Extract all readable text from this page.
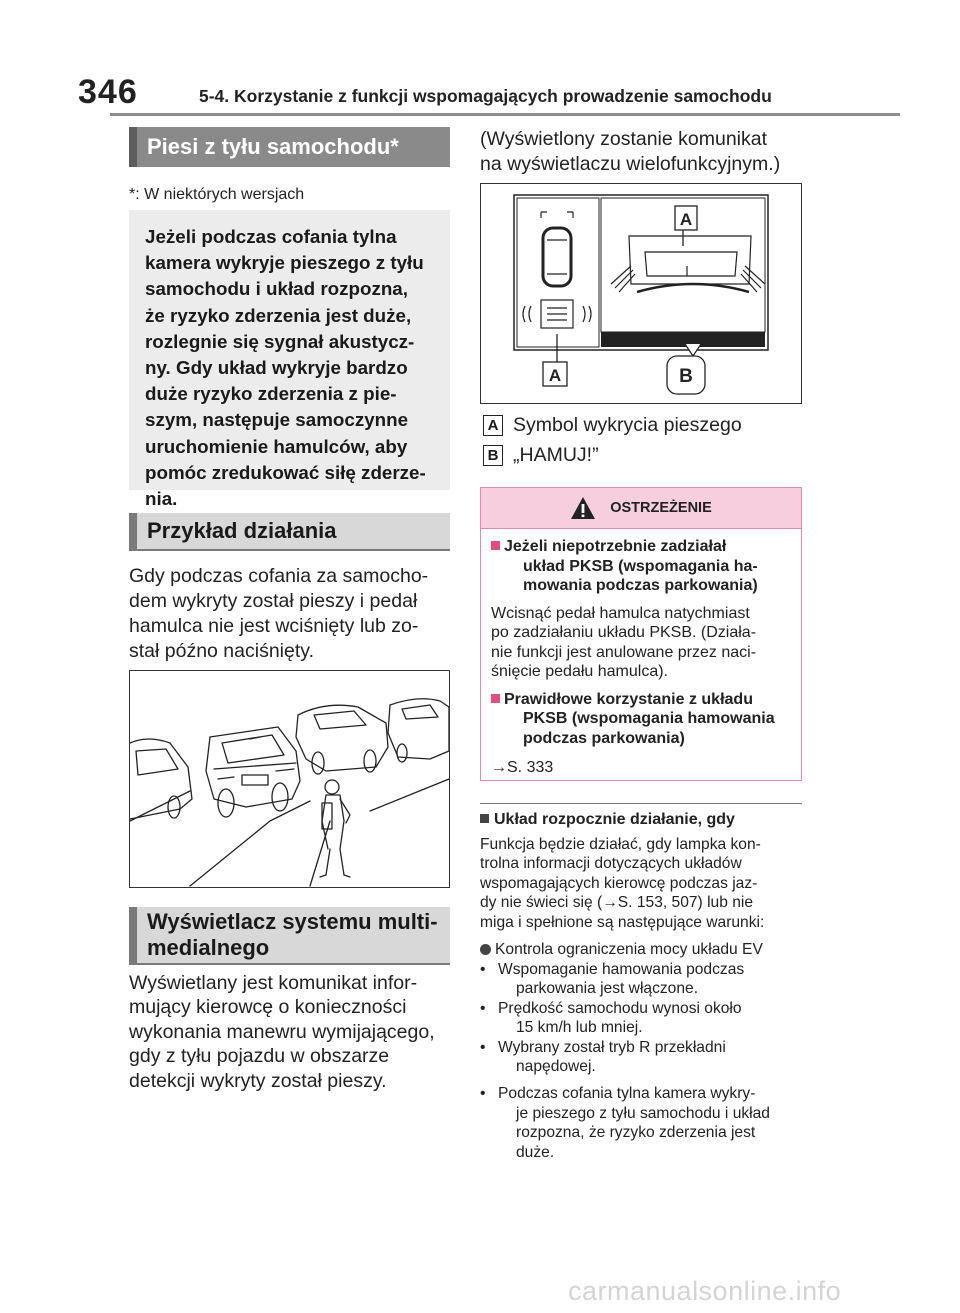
346	5-4. Korzystanie z funkcji wspomagających prowadzenie samochodu
Piesi z tyłu samochodu*
*: W niektórych wersjach
Jeżeli podczas cofania tylna
kamera wykryje pieszego z tyłu
samochodu i układ rozpozna,
że ryzyko zderzenia jest duże,
rozlegnie się sygnał akustycz-
ny. Gdy układ wykryje bardzo
duże ryzyko zderzenia z pie-
szym, następuje samoczynne
uruchomienie hamulców, aby
pomóc zredukować siłę zderze-
nia.
Przykład działania
Gdy podczas cofania za samocho-
dem wykryty został pieszy i pedał
hamulca nie jest wciśnięty lub zo-
stał późno naciśnięty.
Wyświetlacz systemu multi-
medialnego
Wyświetlany jest komunikat infor-
mujący kierowcę o konieczności
wykonania manewru wymijającego,
gdy z tyłu pojazdu w obszarze
detekcji wykryty został pieszy.
(Wyświetlony zostanie komunikat
na wyświetlaczu wielofunkcyjnym.)
A
A	B
A Symbol wykrycia pieszego
B „HAMUJ!”
OSTRZEŻENIE
Jeżeli niepotrzebnie zadziałał
układ PKSB (wspomagania ha-
mowania podczas parkowania)
Wcisnąć pedał hamulca natychmiast
po zadziałaniu układu PKSB. (Działa-
nie funkcji jest anulowane przez naci-
śnięcie pedału hamulca).
Prawidłowe korzystanie z układu
PKSB (wspomagania hamowania
podczas parkowania)
→S. 333
Układ rozpocznie działanie, gdy
Funkcja będzie działać, gdy lampka kon-
trolna informacji dotyczących układów
wspomagających kierowcę podczas jaz-
dy nie świeci się (→S. 153, 507) lub nie
miga i spełnione są następujące warunki:
Kontrola ograniczenia mocy układu EV
• Wspomaganie hamowania podczas
parkowania jest włączone.
• Prędkość samochodu wynosi około
15 km/h lub mniej.
• Wybrany został tryb R przekładni
napędowej.
• Podczas cofania tylna kamera wykry-
je pieszego z tyłu samochodu i układ
rozpozna, że ryzyko zderzenia jest
duże.
carmanualsonline.info
